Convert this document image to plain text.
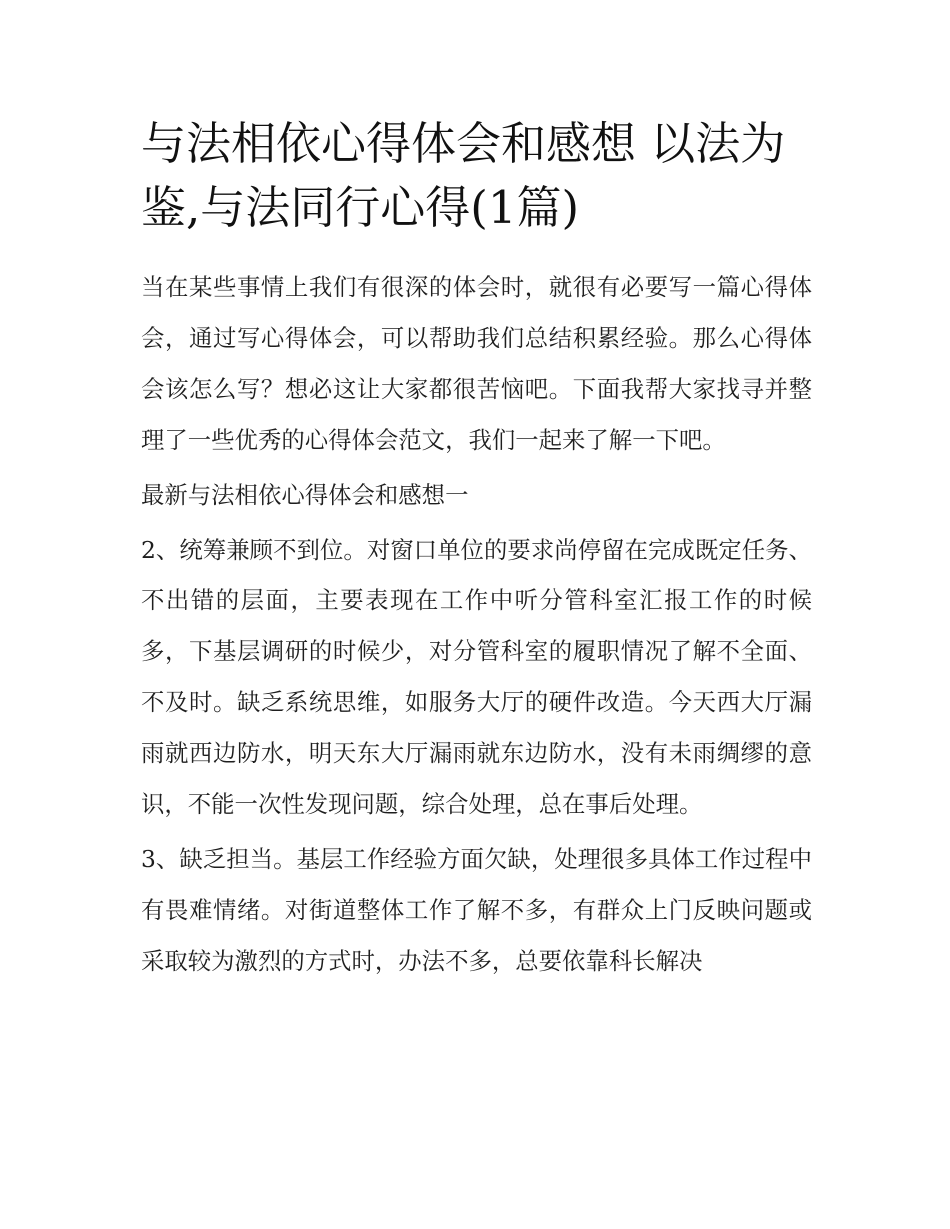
与法相依心得体会和感想 以法为鉴,与法同行心得(1篇)

当在某些事情上我们有很深的体会时，就很有必要写一篇心得体会，通过写心得体会，可以帮助我们总结积累经验。那么心得体会该怎么写？想必这让大家都很苦恼吧。下面我帮大家找寻并整理了一些优秀的心得体会范文，我们一起来了解一下吧。

最新与法相依心得体会和感想一

2、统筹兼顾不到位。对窗口单位的要求尚停留在完成既定任务、不出错的层面，主要表现在工作中听分管科室汇报工作的时候多，下基层调研的时候少，对分管科室的履职情况了解不全面、不及时。缺乏系统思维，如服务大厅的硬件改造。今天西大厅漏雨就西边防水，明天东大厅漏雨就东边防水，没有未雨绸缪的意识，不能一次性发现问题，综合处理，总在事后处理。

3、缺乏担当。基层工作经验方面欠缺，处理很多具体工作过程中有畏难情绪。对街道整体工作了解不多，有群众上门反映问题或采取较为激烈的方式时，办法不多，总要依靠科长解决
